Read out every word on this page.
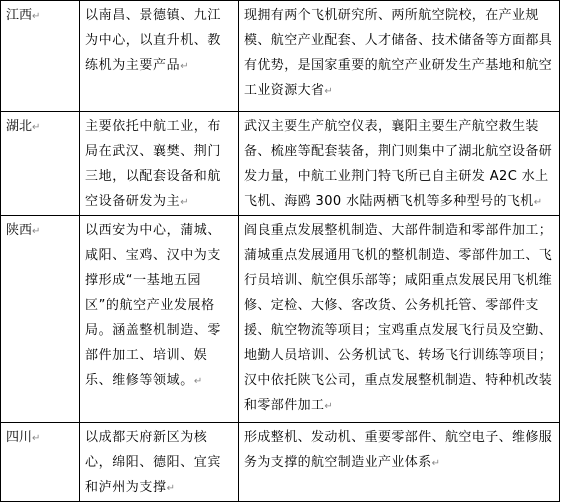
江西↵	以南昌、景德镇、九江为中心，以直升机、教练机为主要产品↵	现拥有两个飞机研究所、两所航空院校，在产业规模、航空产业配套、人才储备、技术储备等方面都具有优势，是国家重要的航空产业研发生产基地和航空工业资源大省↵
湖北↵	主要依托中航工业，布局在武汉、襄樊、荆门三地，以配套设备和航空设备研发为主↵	武汉主要生产航空仪表，襄阳主要生产航空救生装备、梳座等配套装备，荆门则集中了湖北航空设备研发力量，中航工业荆门特飞所已自主研发 A2C 水上飞机、海鸥 300 水陆两栖飞机等多种型号的飞机↵
陕西↵	以西安为中心，蒲城、咸阳、宝鸡、汉中为支撑形成“一基地五园区”的航空产业发展格局。涵盖整机制造、零部件加工、培训、娱乐、维修等领域。↵	阎良重点发展整机制造、大部件制造和零部件加工；蒲城重点发展通用飞机的整机制造、零部件加工、飞行员培训、航空俱乐部等；咸阳重点发展民用飞机维修、定检、大修、客改货、公务机托管、零部件支援、航空物流等项目；宝鸡重点发展飞行员及空勤、地勤人员培训、公务机试飞、转场飞行训练等项目；汉中依托陕飞公司，重点发展整机制造、特种机改装和零部件加工↵
四川↵	以成都天府新区为核心，绵阳、德阳、宜宾和泸州为支撑↵	形成整机、发动机、重要零部件、航空电子、维修服务为支撑的航空制造业产业体系↵
